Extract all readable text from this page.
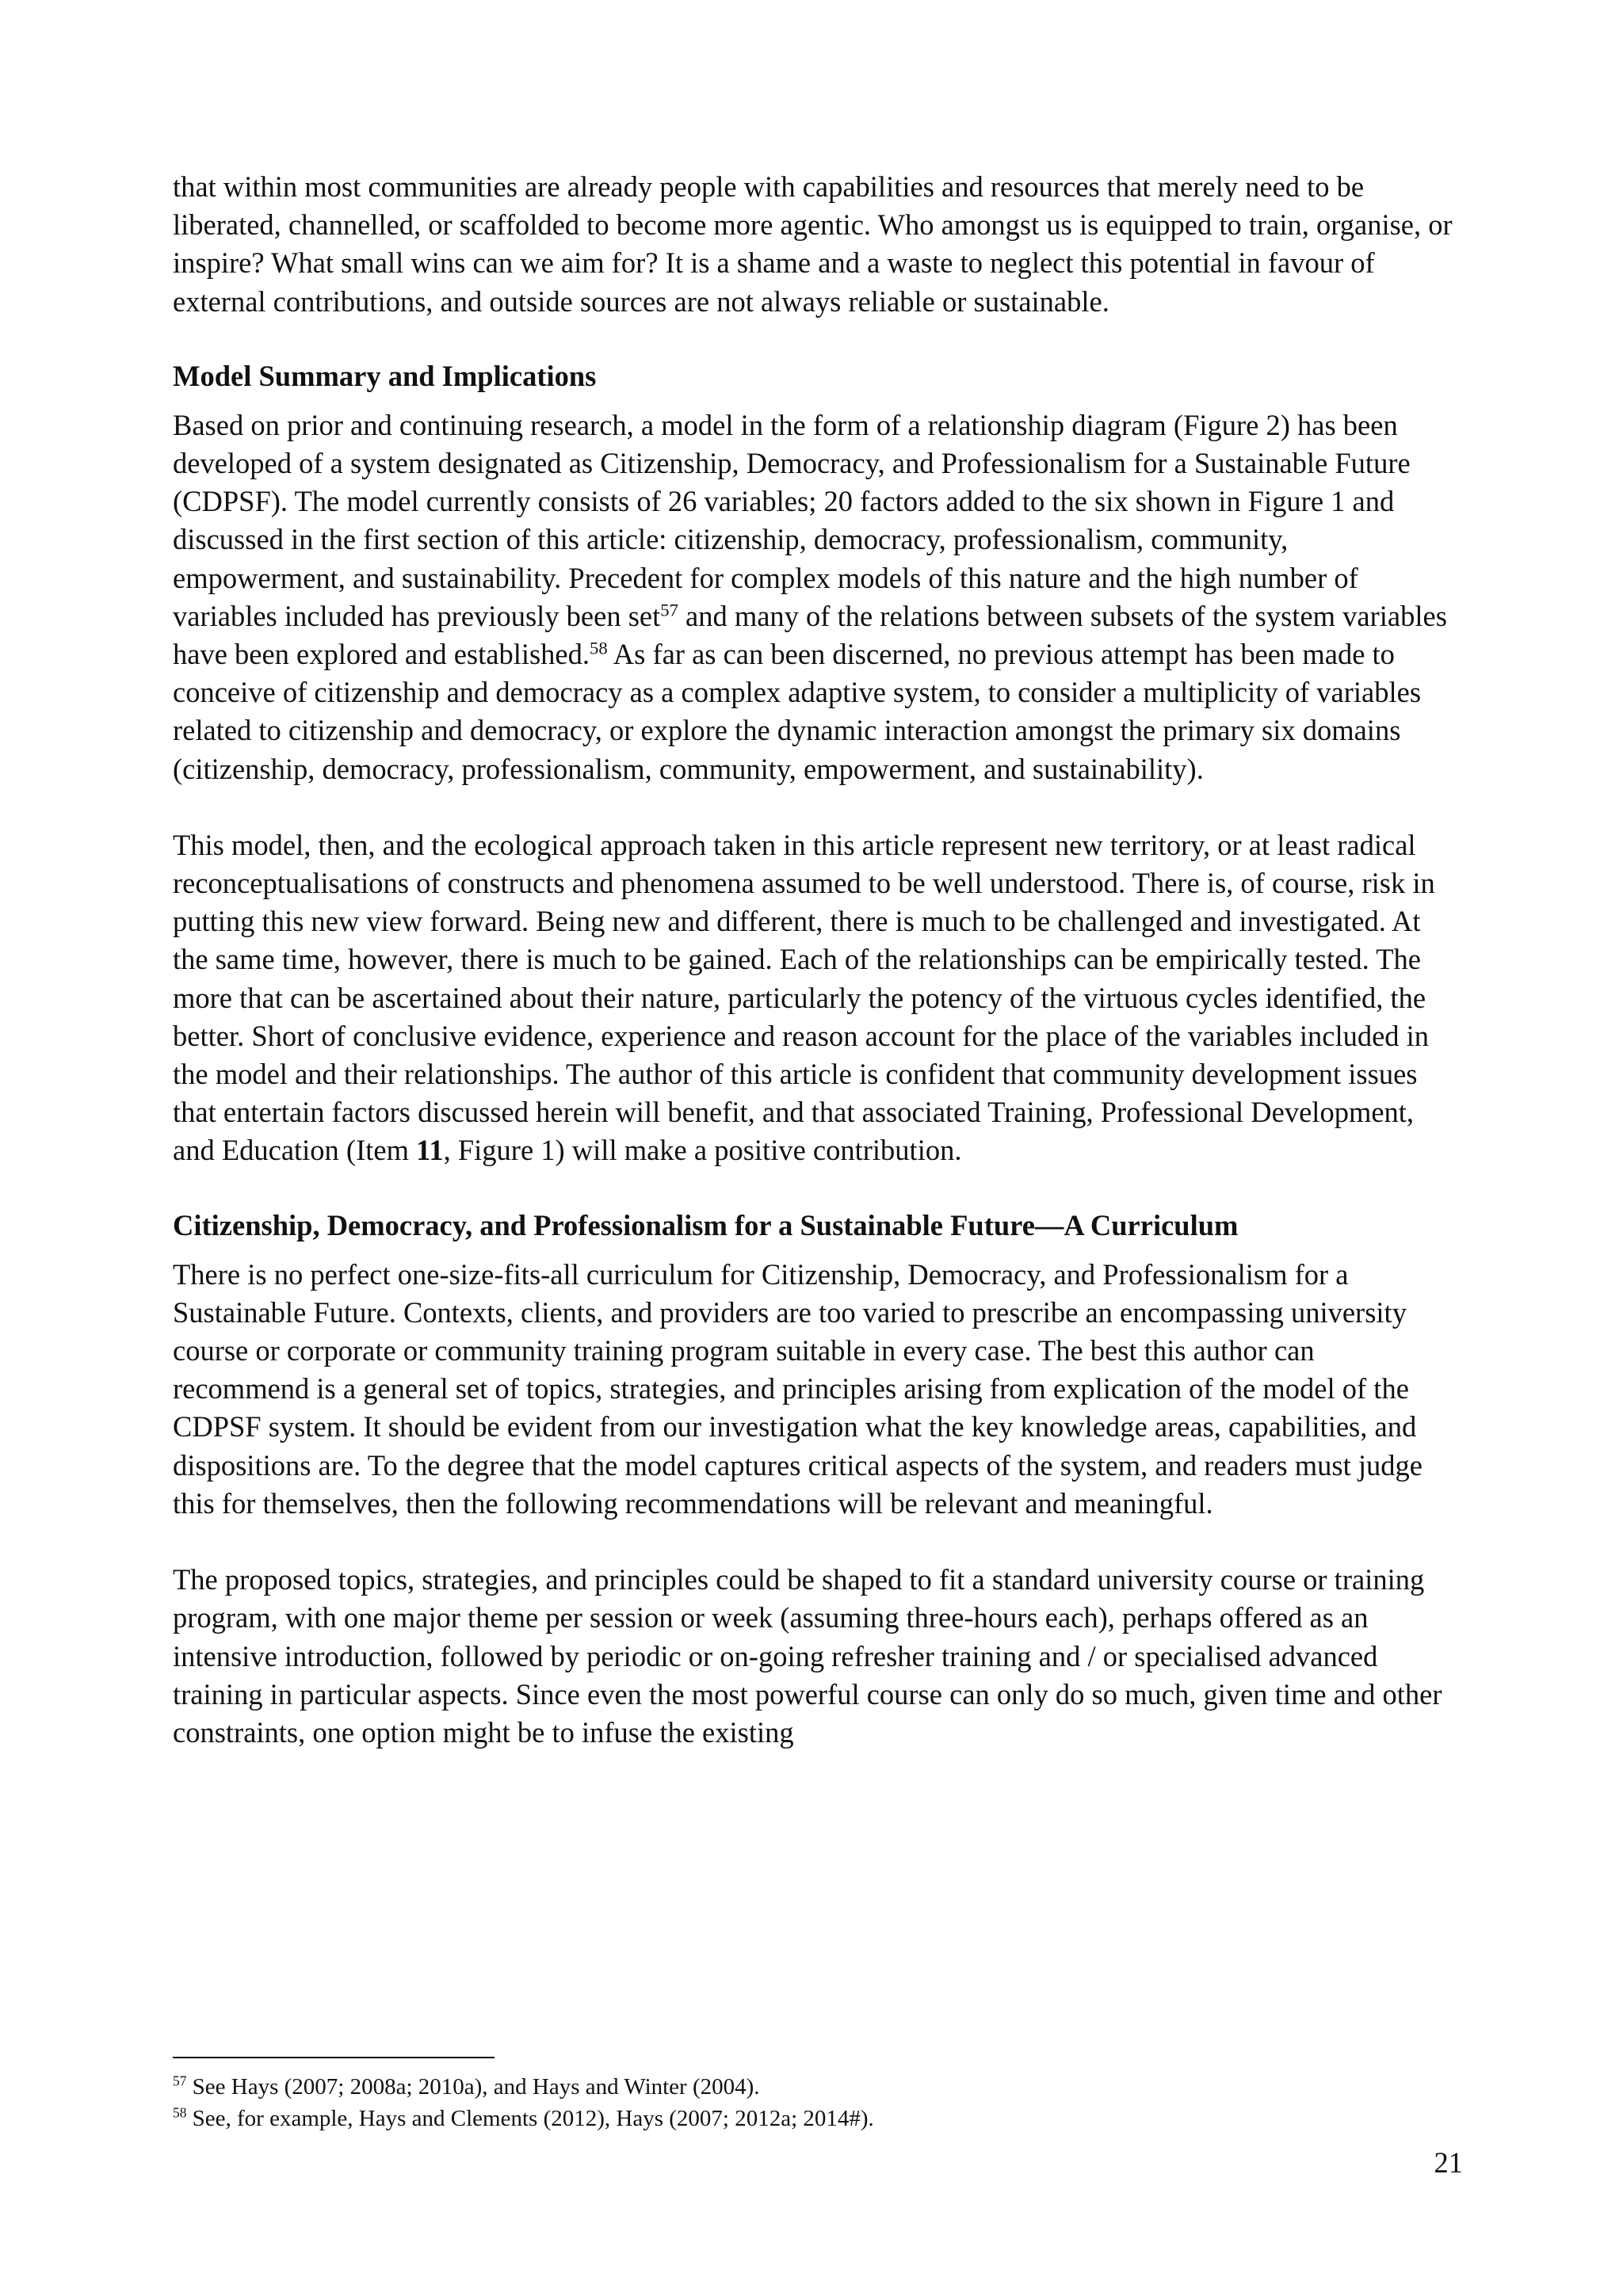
that within most communities are already people with capabilities and resources that merely need to be liberated, channelled, or scaffolded to become more agentic. Who amongst us is equipped to train, organise, or inspire? What small wins can we aim for? It is a shame and a waste to neglect this potential in favour of external contributions, and outside sources are not always reliable or sustainable.

Model Summary and Implications

Based on prior and continuing research, a model in the form of a relationship diagram (Figure 2) has been developed of a system designated as Citizenship, Democracy, and Professionalism for a Sustainable Future (CDPSF). The model currently consists of 26 variables; 20 factors added to the six shown in Figure 1 and discussed in the first section of this article: citizenship, democracy, professionalism, community, empowerment, and sustainability. Precedent for complex models of this nature and the high number of variables included has previously been set$^{57}$ and many of the relations between subsets of the system variables have been explored and established.$^{58}$ As far as can been discerned, no previous attempt has been made to conceive of citizenship and democracy as a complex adaptive system, to consider a multiplicity of variables related to citizenship and democracy, or explore the dynamic interaction amongst the primary six domains (citizenship, democracy, professionalism, community, empowerment, and sustainability).

This model, then, and the ecological approach taken in this article represent new territory, or at least radical reconceptualisations of constructs and phenomena assumed to be well understood. There is, of course, risk in putting this new view forward. Being new and different, there is much to be challenged and investigated. At the same time, however, there is much to be gained. Each of the relationships can be empirically tested. The more that can be ascertained about their nature, particularly the potency of the virtuous cycles identified, the better. Short of conclusive evidence, experience and reason account for the place of the variables included in the model and their relationships. The author of this article is confident that community development issues that entertain factors discussed herein will benefit, and that associated Training, Professional Development, and Education (Item 11, Figure 1) will make a positive contribution.

Citizenship, Democracy, and Professionalism for a Sustainable Future—A Curriculum

There is no perfect one-size-fits-all curriculum for Citizenship, Democracy, and Professionalism for a Sustainable Future. Contexts, clients, and providers are too varied to prescribe an encompassing university course or corporate or community training program suitable in every case. The best this author can recommend is a general set of topics, strategies, and principles arising from explication of the model of the CDPSF system. It should be evident from our investigation what the key knowledge areas, capabilities, and dispositions are. To the degree that the model captures critical aspects of the system, and readers must judge this for themselves, then the following recommendations will be relevant and meaningful.

The proposed topics, strategies, and principles could be shaped to fit a standard university course or training program, with one major theme per session or week (assuming three-hours each), perhaps offered as an intensive introduction, followed by periodic or on-going refresher training and / or specialised advanced training in particular aspects. Since even the most powerful course can only do so much, given time and other constraints, one option might be to infuse the existing

$^{57}$ See Hays (2007; 2008a; 2010a), and Hays and Winter (2004).

$^{58}$ See, for example, Hays and Clements (2012), Hays (2007; 2012a; 2014#).

21
